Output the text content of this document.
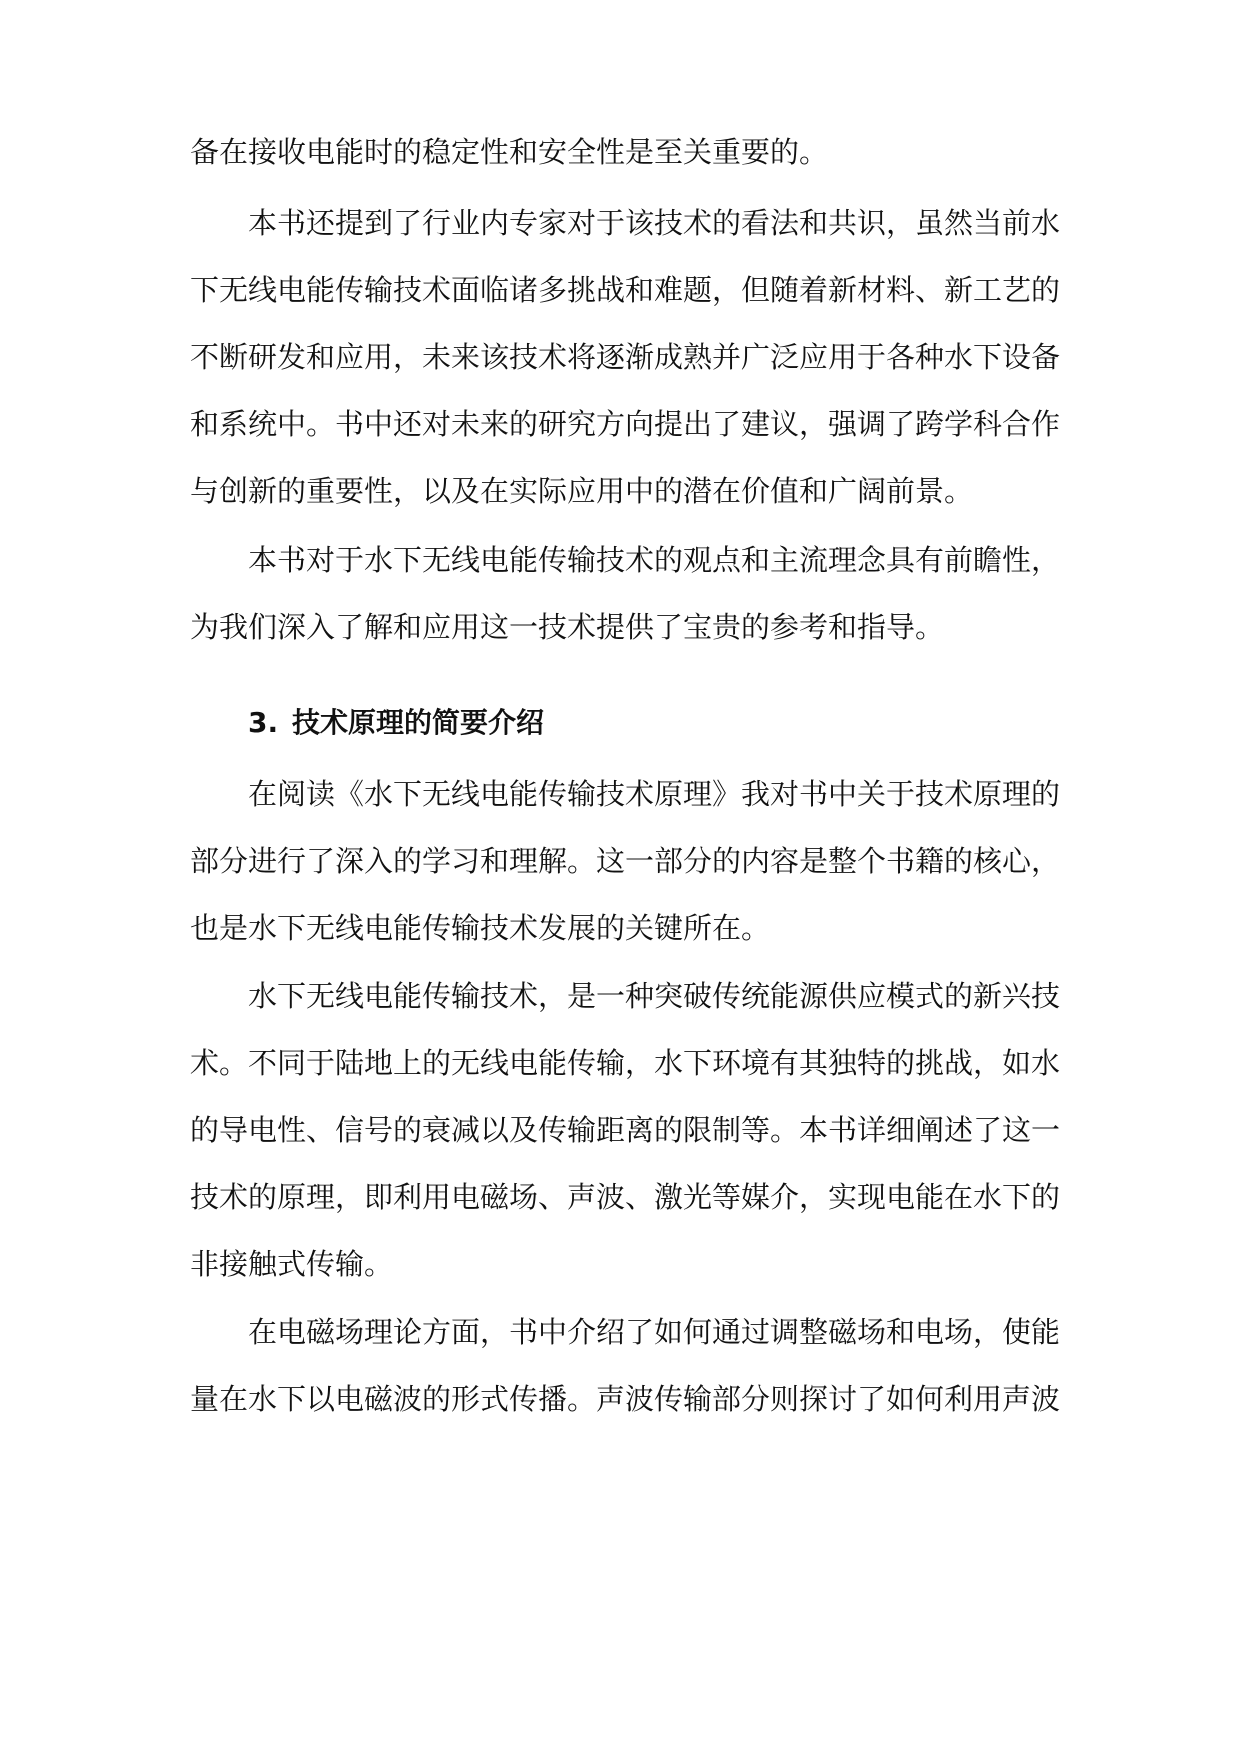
备在接收电能时的稳定性和安全性是至关重要的。
本书还提到了行业内专家对于该技术的看法和共识，虽然当前水
下无线电能传输技术面临诸多挑战和难题，但随着新材料、新工艺的
不断研发和应用，未来该技术将逐渐成熟并广泛应用于各种水下设备
和系统中。书中还对未来的研究方向提出了建议，强调了跨学科合作
与创新的重要性，以及在实际应用中的潜在价值和广阔前景。
本书对于水下无线电能传输技术的观点和主流理念具有前瞻性，
为我们深入了解和应用这一技术提供了宝贵的参考和指导。
3. 技术原理的简要介绍
在阅读《水下无线电能传输技术原理》我对书中关于技术原理的
部分进行了深入的学习和理解。这一部分的内容是整个书籍的核心，
也是水下无线电能传输技术发展的关键所在。
水下无线电能传输技术，是一种突破传统能源供应模式的新兴技
术。不同于陆地上的无线电能传输，水下环境有其独特的挑战，如水
的导电性、信号的衰减以及传输距离的限制等。本书详细阐述了这一
技术的原理，即利用电磁场、声波、激光等媒介，实现电能在水下的
非接触式传输。
在电磁场理论方面，书中介绍了如何通过调整磁场和电场，使能
量在水下以电磁波的形式传播。声波传输部分则探讨了如何利用声波
